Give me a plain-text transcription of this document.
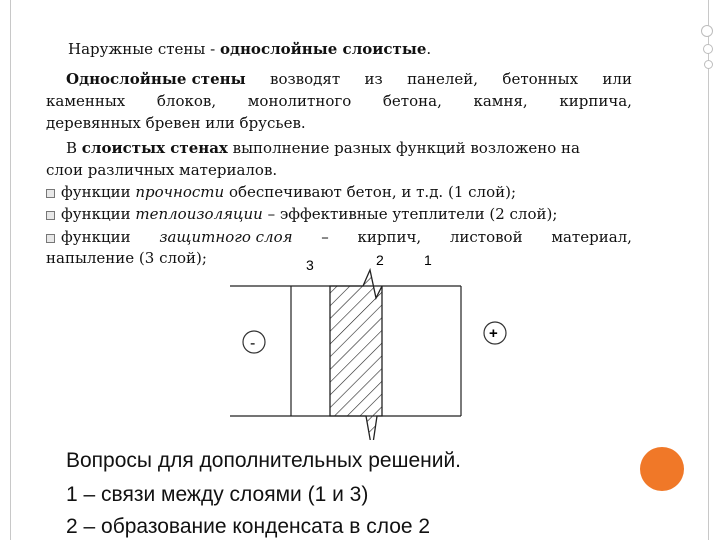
Наружные стены - однослойные слоистые.
Однослойные стены возводят из панелей, бетонных или
каменных блоков, монолитного бетона, камня, кирпича,
деревянных бревен или брусьев.
В слоистых стенах выполнение разных функций возложено на
слои различных материалов.
функции прочности обеспечивают бетон, и т.д. (1 слой);
функции теплоизоляции – эффективные утеплители (2 слой);
функции защитного слоя – кирпич, листовой материал,
напыление (3 слой);	3	2	1
-
+
Вопросы для дополнительных решений.
1 – связи между слоями (1 и 3)
2 – образование конденсата в слое 2
